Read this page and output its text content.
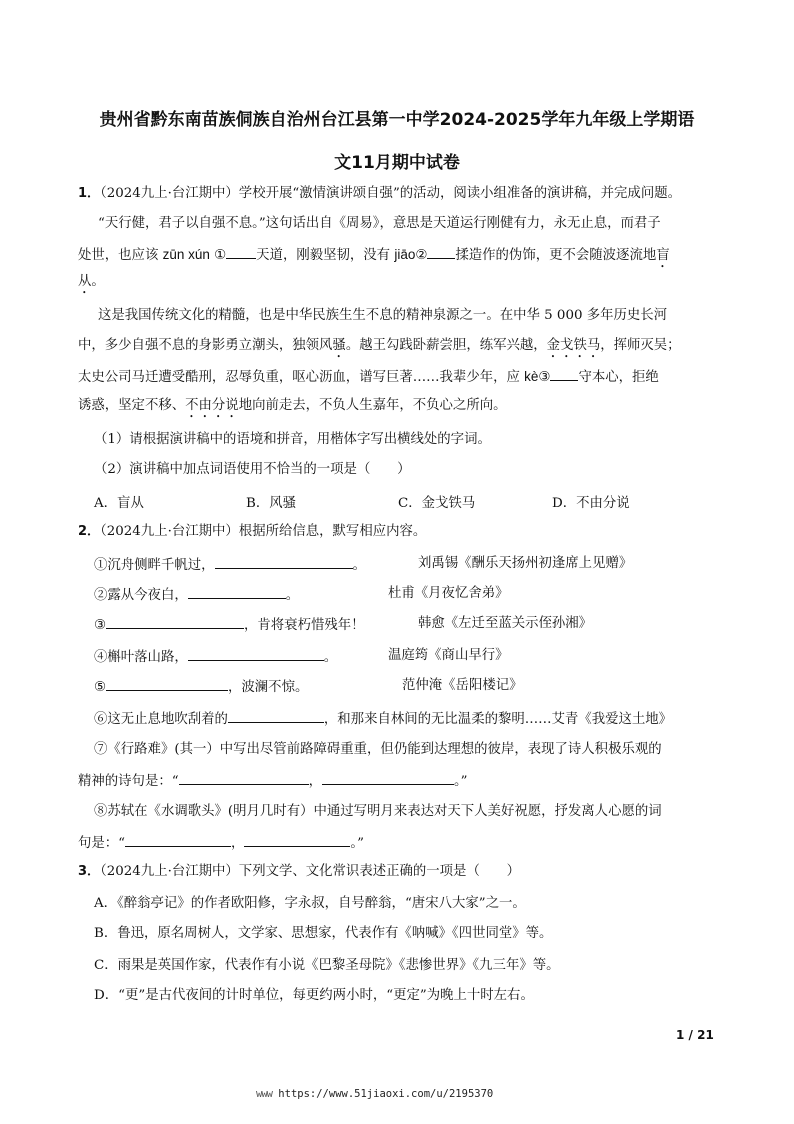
贵州省黔东南苗族侗族自治州台江县第一中学2024-2025学年九年级上学期语
文11月期中试卷
1．（2024九上·台江期中）学校开展“激情演讲颂自强”的活动，阅读小组准备的演讲稿，并完成问题。
“天行健，君子以自强不息。”这句话出自《周易》，意思是天道运行刚健有力，永无止息，而君子
处世，也应该 zūn xún ① 天道，刚毅坚韧，没有 jiāo② 揉造作的伪饰，更不会随波逐流地盲
从。
这是我国传统文化的精髓，也是中华民族生生不息的精神泉源之一。在中华 5 000 多年历史长河
中，多少自强不息的身影勇立潮头，独领风骚。越王勾践卧薪尝胆，练军兴越，金戈铁马，挥师灭吴；
太史公司马迁遭受酷刑，忍辱负重，呕心沥血，谱写巨著……我辈少年，应 kè③ 守本心，拒绝
诱惑，坚定不移、不由分说地向前走去，不负人生嘉年，不负心之所向。
（1）请根据演讲稿中的语境和拼音，用楷体字写出横线处的字词。
（2）演讲稿中加点词语使用不恰当的一项是（　　）
A．盲从	B．风骚	C．金戈铁马	D．不由分说
2．（2024九上·台江期中）根据所给信息，默写相应内容。
①沉舟侧畔千帆过，	。	刘禹锡《酬乐天扬州初逢席上见赠》
②露从今夜白，	。	杜甫《月夜忆舍弟》
③	，肯将衰朽惜残年！	韩愈《左迁至蓝关示侄孙湘》
④槲叶落山路，	。	温庭筠《商山早行》
⑤	，波澜不惊。	范仲淹《岳阳楼记》
⑥这无止息地吹刮着的	，和那来自林间的无比温柔的黎明……艾青《我爱这土地》
⑦《行路难》(其一）中写出尽管前路障碍重重，但仍能到达理想的彼岸，表现了诗人积极乐观的
精神的诗句是：“	，	。”
⑧苏轼在《水调歌头》(明月几时有）中通过写明月来表达对天下人美好祝愿，抒发离人心愿的词
句是：“	，	。”
3．（2024九上·台江期中）下列文学、文化常识表述正确的一项是（　　）
A．《醉翁亭记》的作者欧阳修，字永叔，自号醉翁，“唐宋八大家”之一。
B．鲁迅，原名周树人，文学家、思想家，代表作有《呐喊》《四世同堂》等。
C．雨果是英国作家，代表作有小说《巴黎圣母院》《悲惨世界》《九三年》等。
D．“更”是古代夜间的计时单位，每更约两小时，“更定”为晚上十时左右。
1 / 21
www https://www.51jiaoxi.com/u/2195370
